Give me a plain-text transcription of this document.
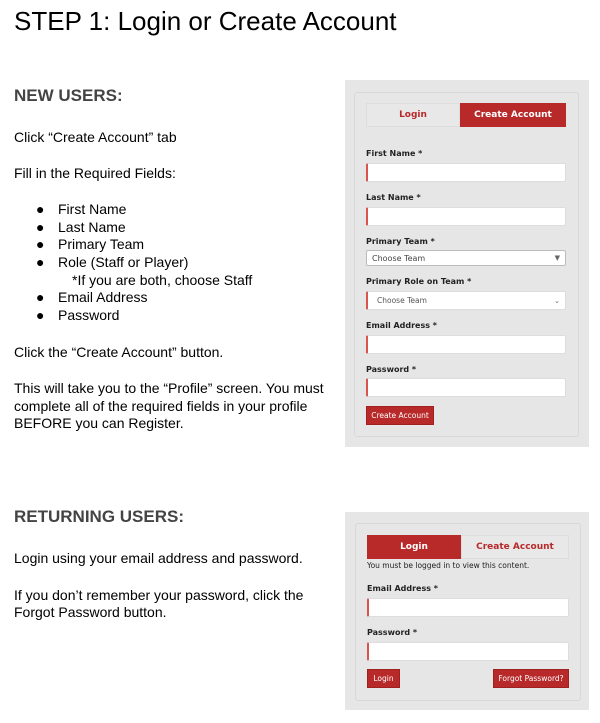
STEP 1: Login or Create Account
NEW USERS:
Click “Create Account” tab
Fill in the Required Fields:
● First Name
● Last Name
● Primary Team
● Role (Staff or Player)
*If you are both, choose Staff
● Email Address
● Password
Click the “Create Account” button.
This will take you to the “Profile” screen. You must
complete all of the required fields in your profile
BEFORE you can Register.
RETURNING USERS:
Login using your email address and password.
If you don’t remember your password, click the
Forgot Password button.
Login	Create Account
First Name *
Last Name *
Primary Team *
Choose Team	▼
Primary Role on Team *
Choose Team	⌄
Email Address *
Password *
Create Account
Login	Create Account
You must be logged in to view this content.
Email Address *
Password *
Login	Forgot Password?
